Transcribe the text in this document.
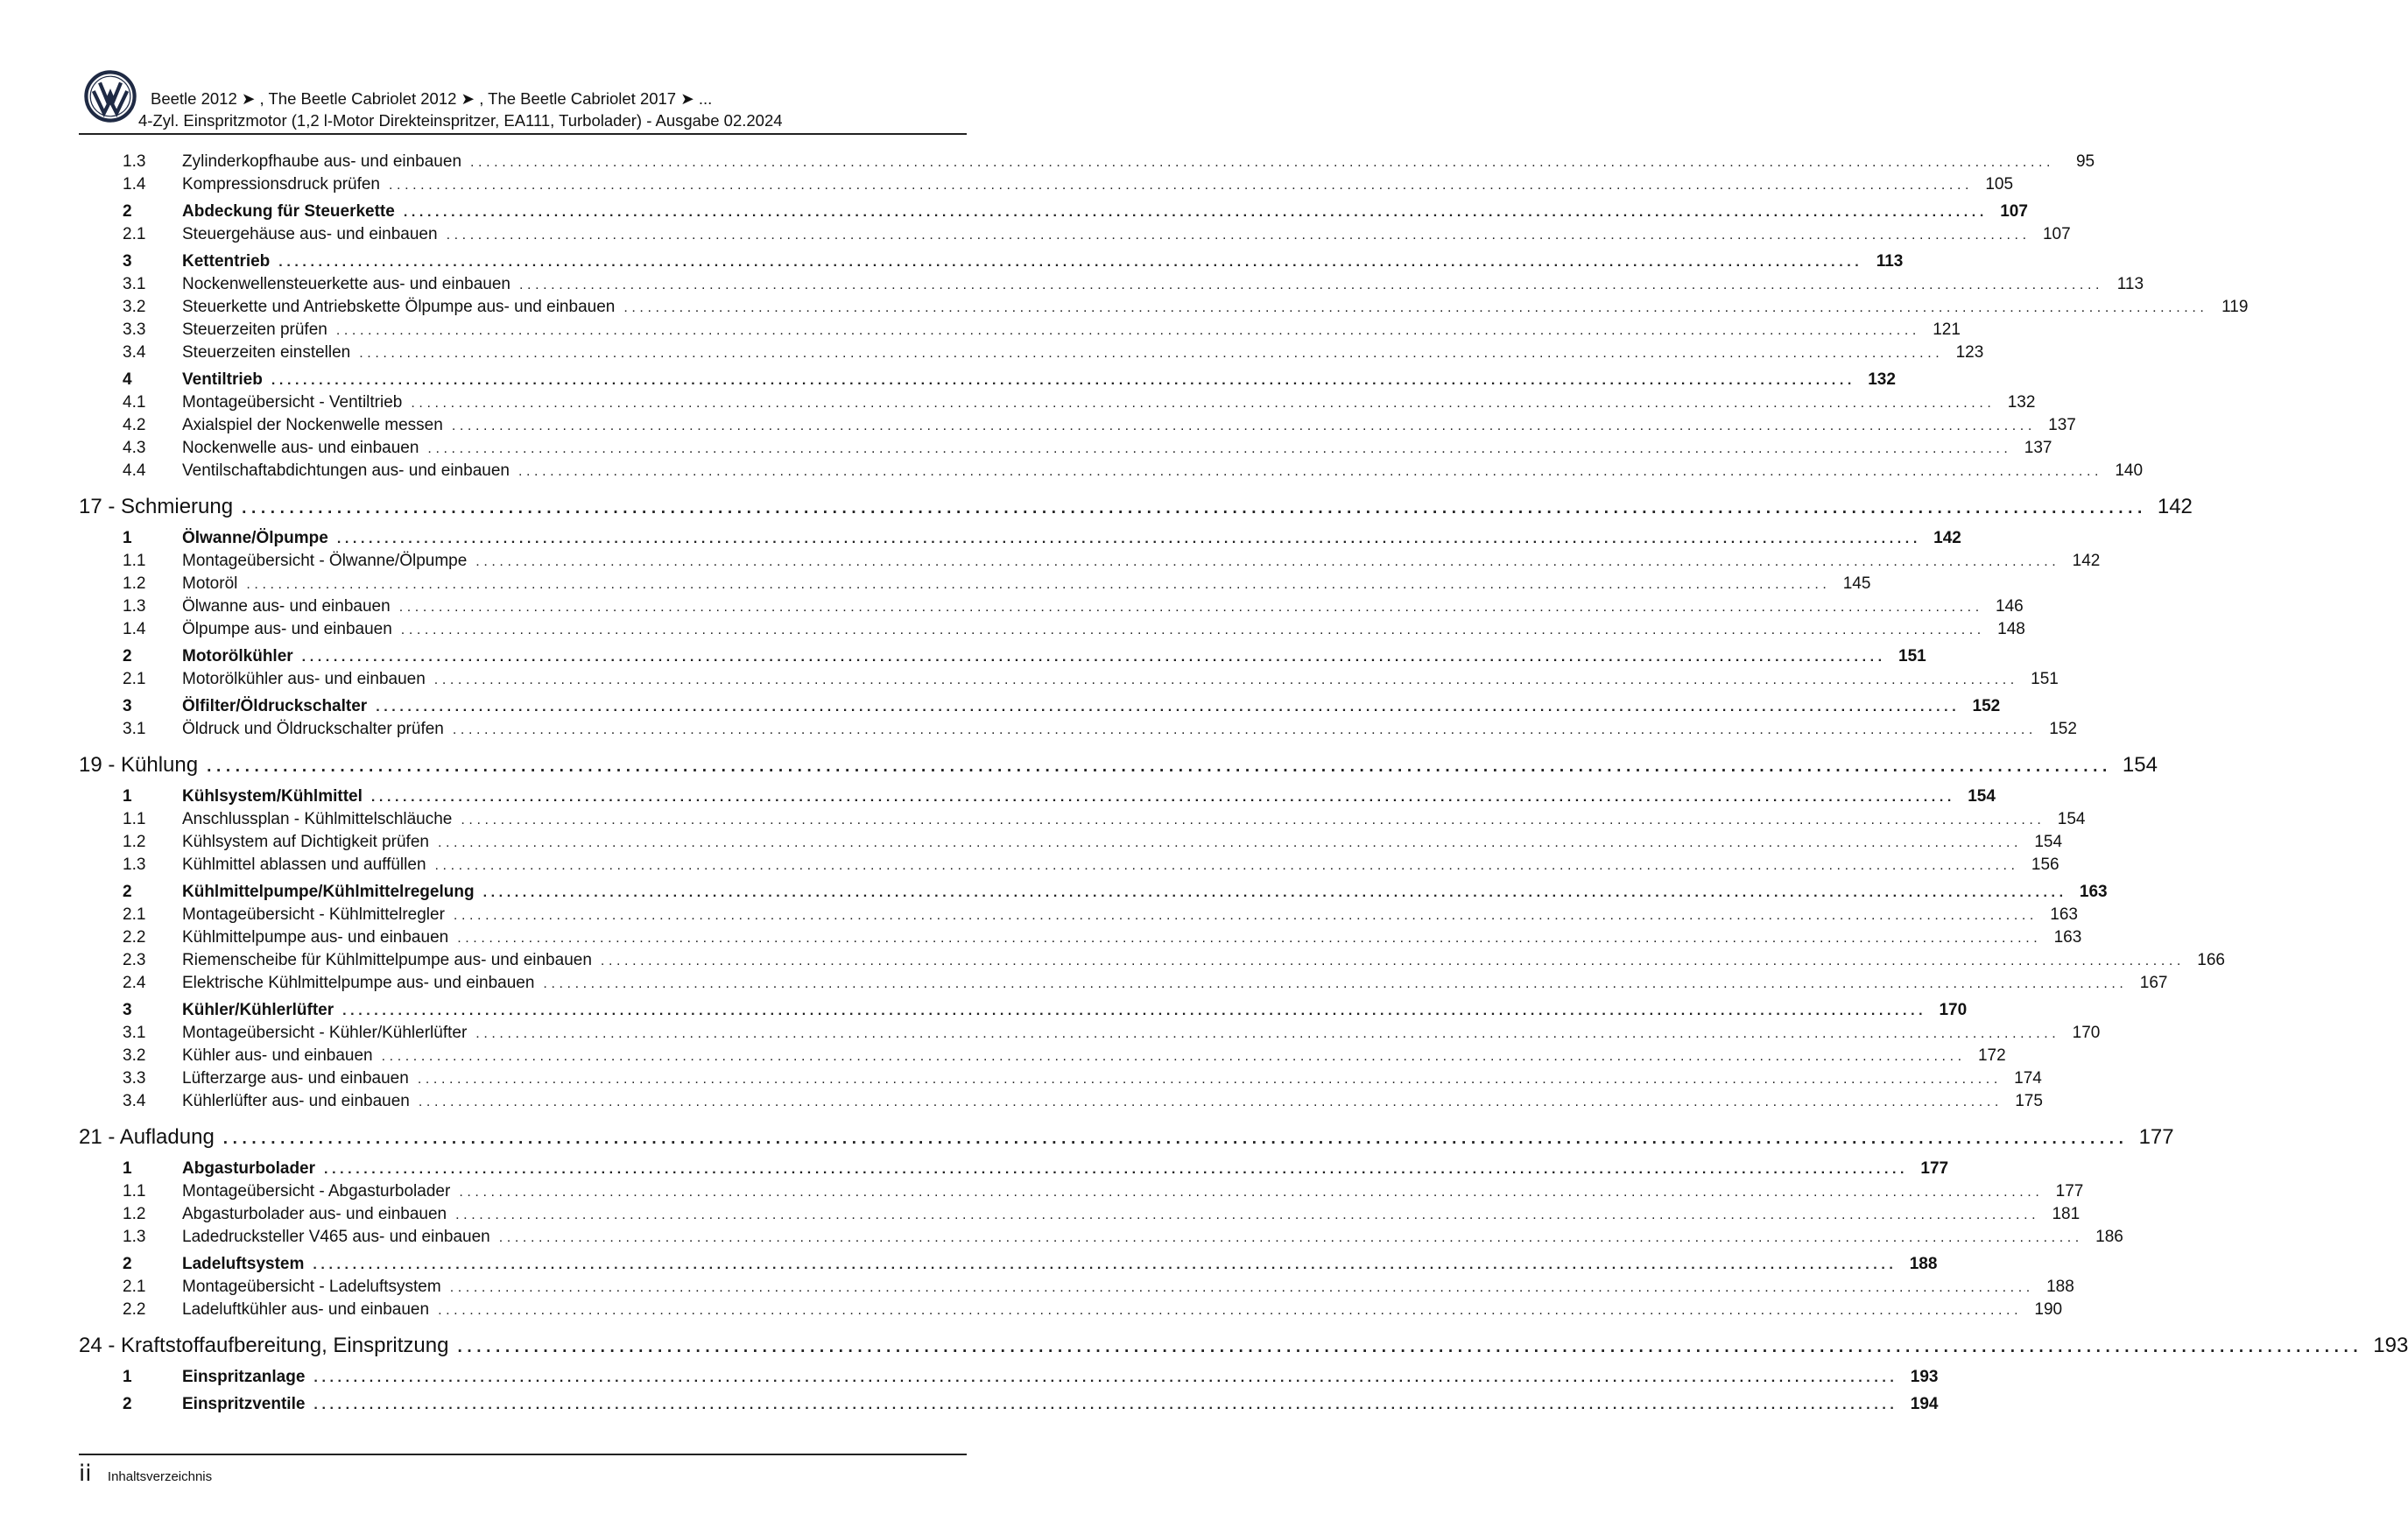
Beetle 2012 ➤ , The Beetle Cabriolet 2012 ➤ , The Beetle Cabriolet 2017 ➤ ...
4-Zyl. Einspritzmotor (1,2 l-Motor Direkteinspritzer, EA111, Turbolader) - Ausgabe 02.2024
1.3 Zylinderkopfhaube aus- und einbauen ........................................................................................................................................................................................................	95
1.4 Kompressionsdruck prüfen ........................................................................................................................................................................................................ 105
2	Abdeckung für Steuerkette ........................................................................................................................................................................................................ 107
2.1 Steuergehäuse aus- und einbauen ........................................................................................................................................................................................................ 107
3	Kettentrieb ........................................................................................................................................................................................................ 113
3.1 Nockenwellensteuerkette aus- und einbauen ........................................................................................................................................................................................................ 113
3.2 Steuerkette und Antriebskette Ölpumpe aus- und einbauen ........................................................................................................................................................................................................ 119
3.3 Steuerzeiten prüfen ........................................................................................................................................................................................................ 121
3.4 Steuerzeiten einstellen ........................................................................................................................................................................................................ 123
4	Ventiltrieb ........................................................................................................................................................................................................ 132
4.1 Montageübersicht - Ventiltrieb ........................................................................................................................................................................................................ 132
4.2 Axialspiel der Nockenwelle messen ........................................................................................................................................................................................................ 137
4.3 Nockenwelle aus- und einbauen ........................................................................................................................................................................................................ 137
4.4 Ventilschaftabdichtungen aus- und einbauen ........................................................................................................................................................................................................ 140
17 - Schmierung ........................................................................................................................................................................................................ 142
1	Ölwanne/Ölpumpe ........................................................................................................................................................................................................ 142
1.1 Montageübersicht - Ölwanne/Ölpumpe ........................................................................................................................................................................................................ 142
1.2 Motoröl ........................................................................................................................................................................................................ 145
1.3 Ölwanne aus- und einbauen ........................................................................................................................................................................................................ 146
1.4 Ölpumpe aus- und einbauen ........................................................................................................................................................................................................ 148
2	Motorölkühler ........................................................................................................................................................................................................ 151
2.1 Motorölkühler aus- und einbauen ........................................................................................................................................................................................................ 151
3	Ölfilter/Öldruckschalter ........................................................................................................................................................................................................ 152
3.1 Öldruck und Öldruckschalter prüfen ........................................................................................................................................................................................................ 152
19 - Kühlung ........................................................................................................................................................................................................ 154
1	Kühlsystem/Kühlmittel ........................................................................................................................................................................................................ 154
1.1 Anschlussplan - Kühlmittelschläuche ........................................................................................................................................................................................................ 154
1.2 Kühlsystem auf Dichtigkeit prüfen ........................................................................................................................................................................................................ 154
1.3 Kühlmittel ablassen und auffüllen ........................................................................................................................................................................................................ 156
2	Kühlmittelpumpe/Kühlmittelregelung ........................................................................................................................................................................................................ 163
2.1 Montageübersicht - Kühlmittelregler ........................................................................................................................................................................................................ 163
2.2 Kühlmittelpumpe aus- und einbauen ........................................................................................................................................................................................................ 163
2.3 Riemenscheibe für Kühlmittelpumpe aus- und einbauen ........................................................................................................................................................................................................ 166
2.4 Elektrische Kühlmittelpumpe aus- und einbauen ........................................................................................................................................................................................................ 167
3	Kühler/Kühlerlüfter ........................................................................................................................................................................................................ 170
3.1 Montageübersicht - Kühler/Kühlerlüfter ........................................................................................................................................................................................................ 170
3.2 Kühler aus- und einbauen ........................................................................................................................................................................................................ 172
3.3 Lüfterzarge aus- und einbauen ........................................................................................................................................................................................................ 174
3.4 Kühlerlüfter aus- und einbauen ........................................................................................................................................................................................................ 175
21 - Aufladung ........................................................................................................................................................................................................ 177
1	Abgasturbolader ........................................................................................................................................................................................................ 177
1.1 Montageübersicht - Abgasturbolader ........................................................................................................................................................................................................ 177
1.2 Abgasturbolader aus- und einbauen ........................................................................................................................................................................................................ 181
1.3 Ladedrucksteller V465 aus- und einbauen ........................................................................................................................................................................................................ 186
2	Ladeluftsystem ........................................................................................................................................................................................................ 188
2.1 Montageübersicht - Ladeluftsystem ........................................................................................................................................................................................................ 188
2.2 Ladeluftkühler aus- und einbauen ........................................................................................................................................................................................................ 190
24 - Kraftstoffaufbereitung, Einspritzung ........................................................................................................................................................................................................ 193
1	Einspritzanlage ........................................................................................................................................................................................................ 193
2	Einspritzventile ........................................................................................................................................................................................................ 194
ii Inhaltsverzeichnis
